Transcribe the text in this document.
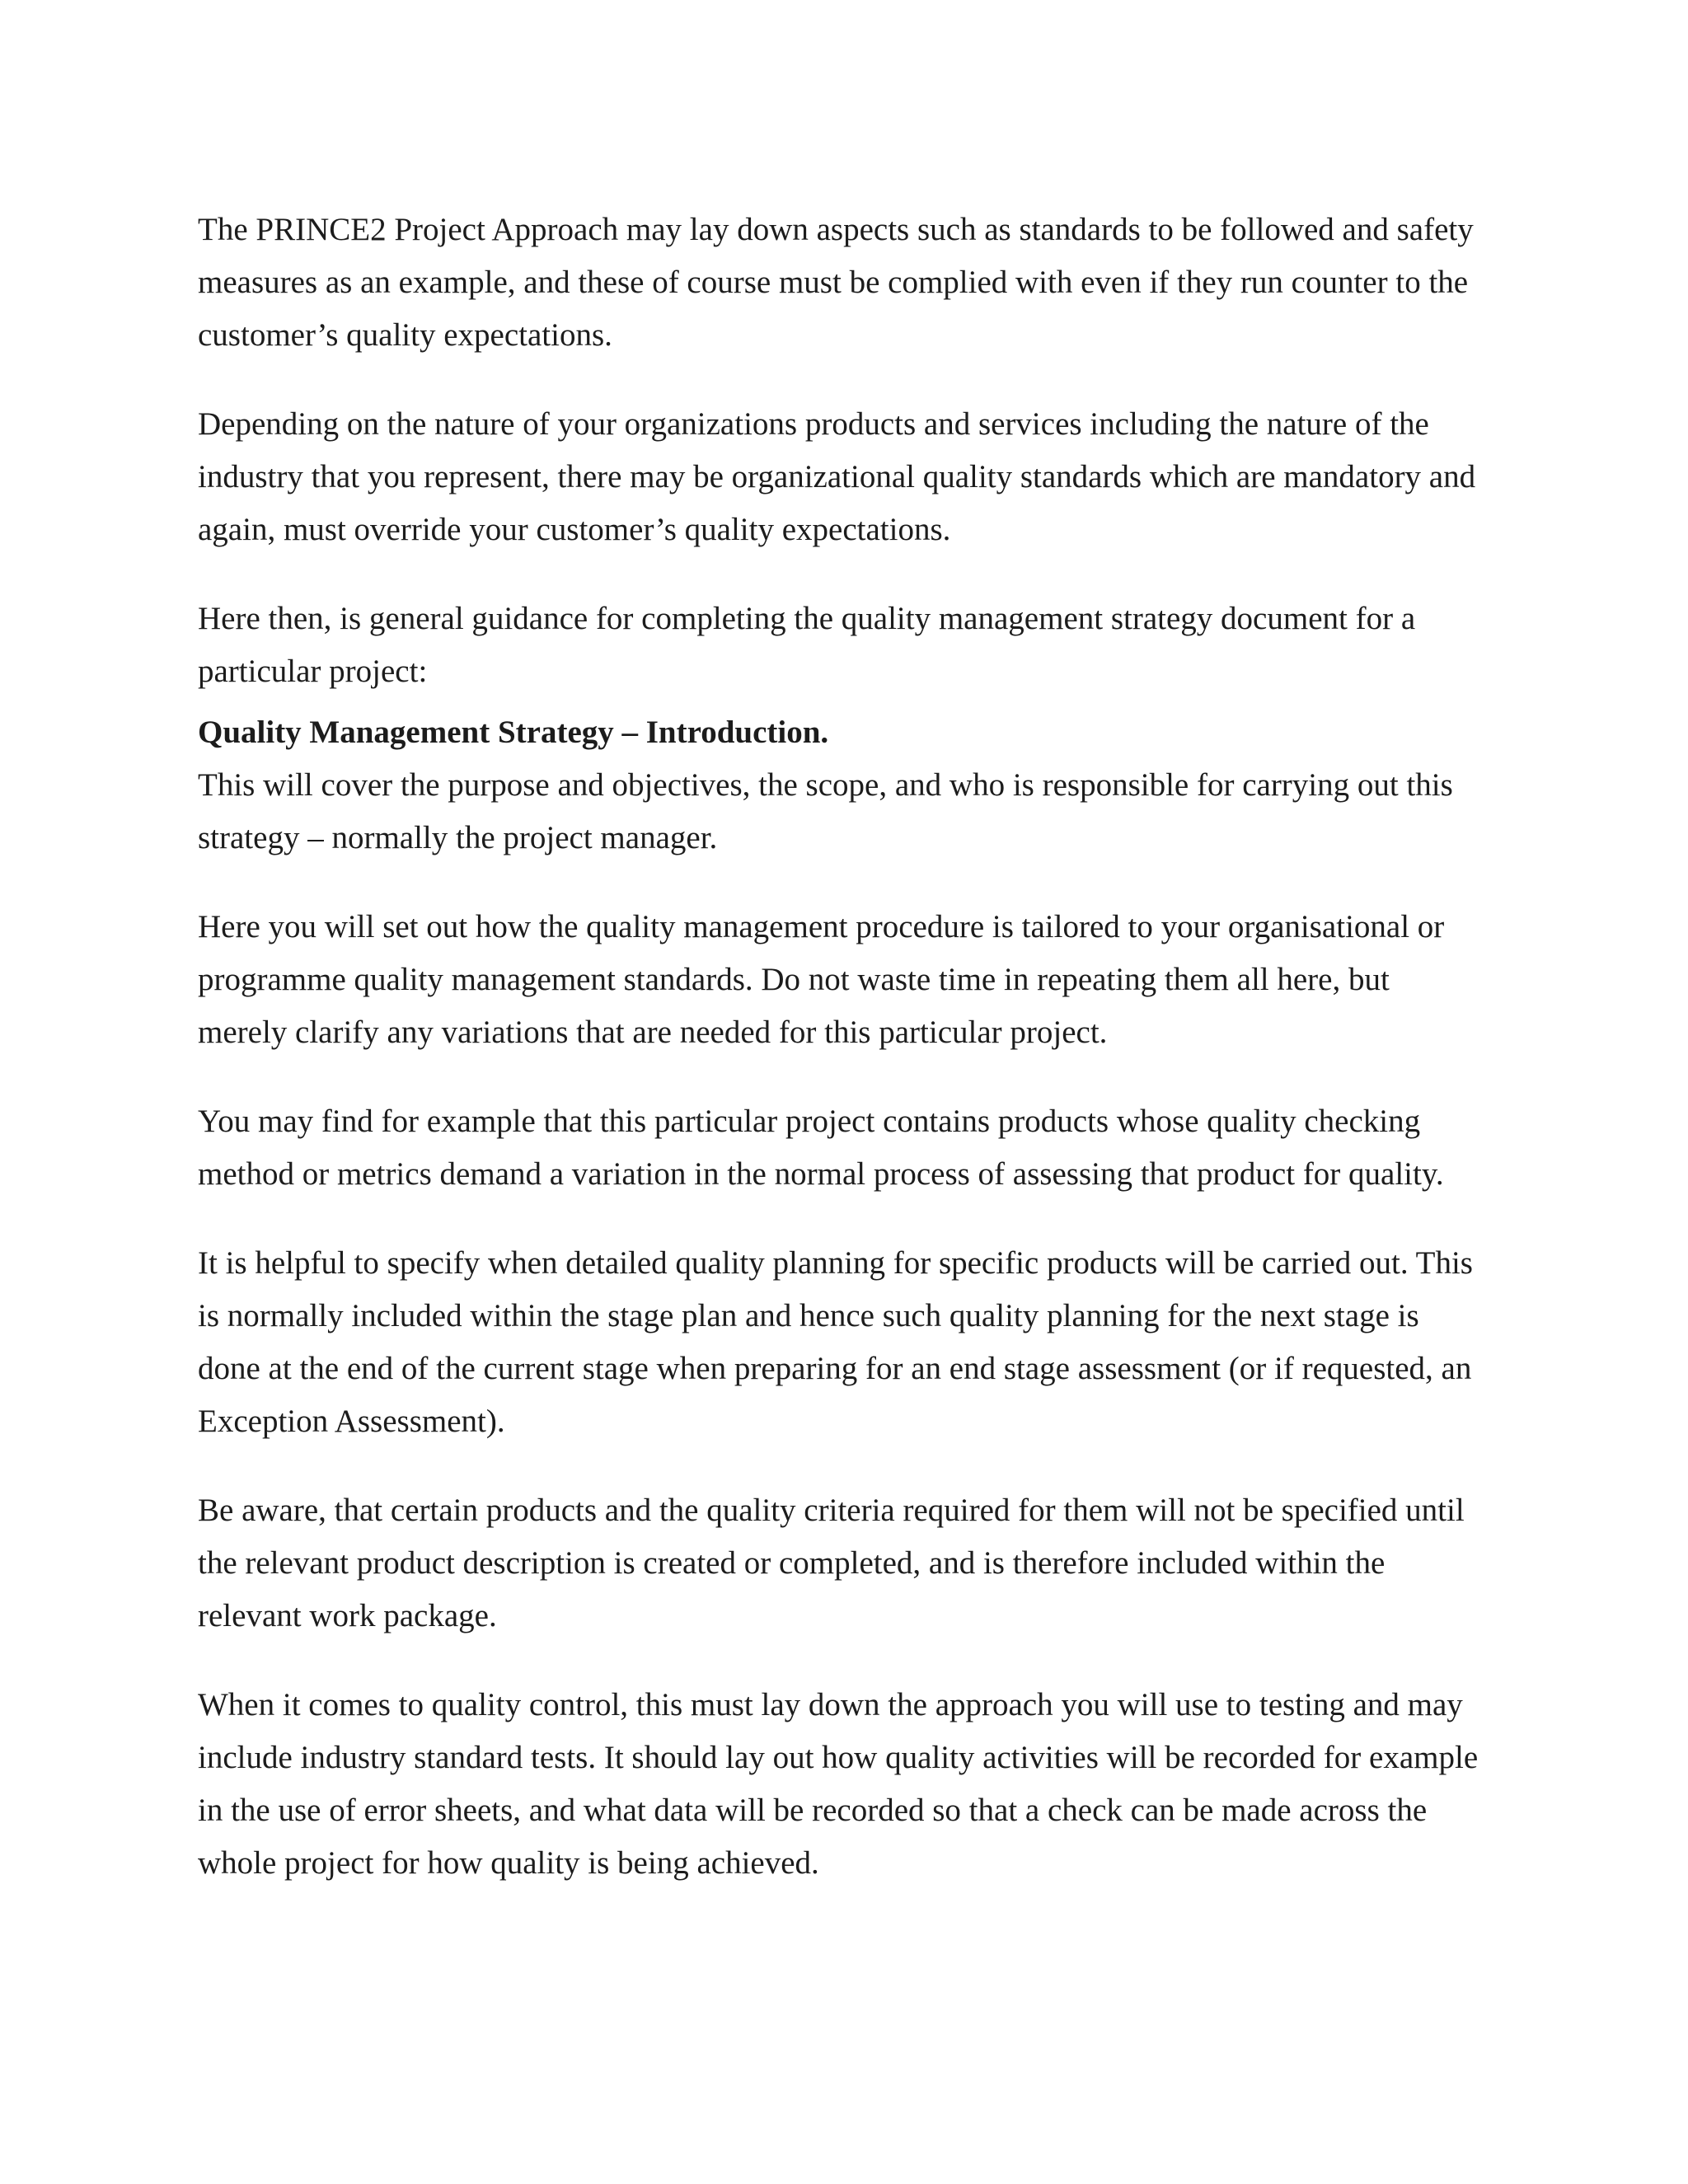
The PRINCE2 Project Approach may lay down aspects such as standards to be followed and safety measures as an example, and these of course must be complied with even if they run counter to the customer’s quality expectations.

Depending on the nature of your organizations products and services including the nature of the industry that you represent, there may be organizational quality standards which are mandatory and again, must override your customer’s quality expectations.

Here then, is general guidance for completing the quality management strategy document for a particular project:

Quality Management Strategy – Introduction.

This will cover the purpose and objectives, the scope, and who is responsible for carrying out this strategy – normally the project manager.

Here you will set out how the quality management procedure is tailored to your organisational or programme quality management standards. Do not waste time in repeating them all here, but merely clarify any variations that are needed for this particular project.

You may find for example that this particular project contains products whose quality checking method or metrics demand a variation in the normal process of assessing that product for quality.

It is helpful to specify when detailed quality planning for specific products will be carried out. This is normally included within the stage plan and hence such quality planning for the next stage is done at the end of the current stage when preparing for an end stage assessment (or if requested, an Exception Assessment).

Be aware, that certain products and the quality criteria required for them will not be specified until the relevant product description is created or completed, and is therefore included within the relevant work package.

When it comes to quality control, this must lay down the approach you will use to testing and may include industry standard tests. It should lay out how quality activities will be recorded for example in the use of error sheets, and what data will be recorded so that a check can be made across the whole project for how quality is being achieved.
